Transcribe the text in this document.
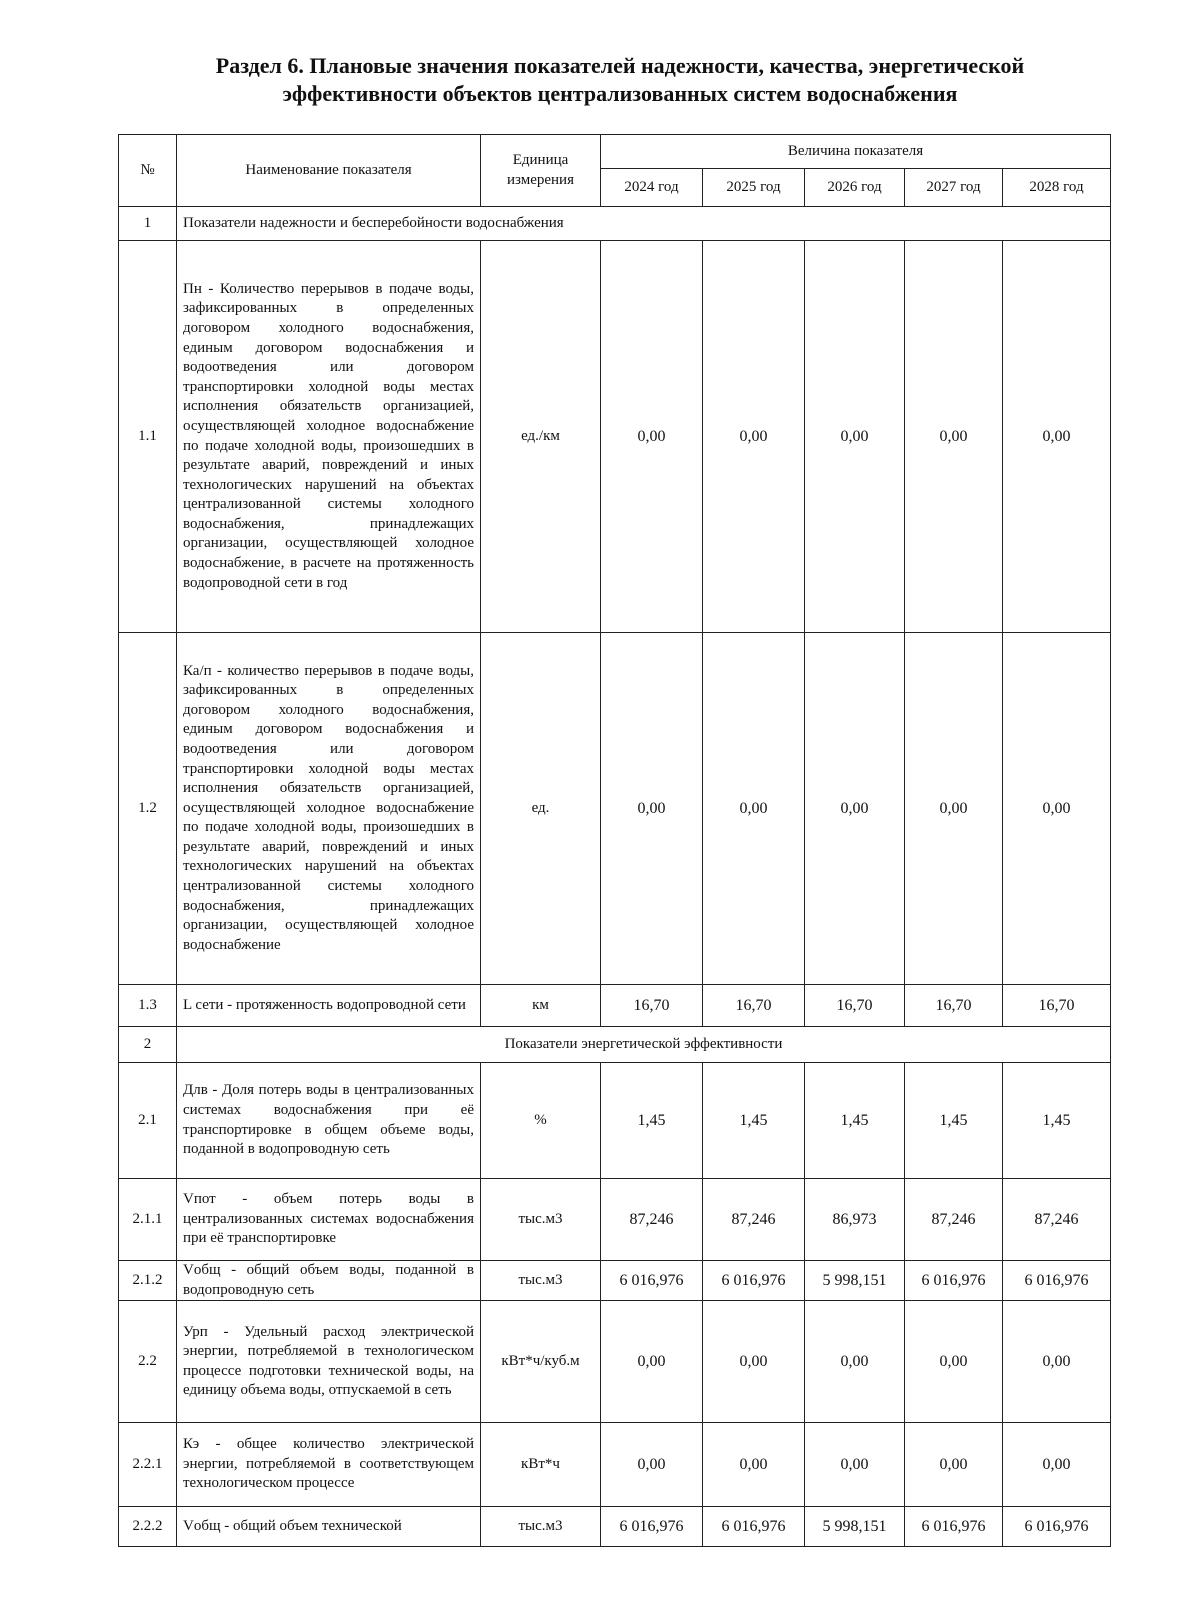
Раздел 6. Плановые значения показателей надежности, качества, энергетической
эффективности объектов централизованных систем водоснабжения
№	Наименование показателя	Единица измерения	Величина показателя				
			2024 год	2025 год	2026 год	2027 год	2028 год
1	Показатели надежности и бесперебойности водоснабжения						
1.1	Пн - Количество перерывов в подаче воды, зафиксированных в определенных договором холодного водоснабжения, единым договором водоснабжения и водоотведения или договором транспортировки холодной воды местах исполнения обязательств организацией, осуществляющей холодное водоснабжение по подаче холодной воды, произошедших в результате аварий, повреждений и иных технологических нарушений на объектах централизованной системы холодного водоснабжения, принадлежащих организации, осуществляющей холодное водоснабжение, в расчете на протяженность водопроводной сети в год	ед./км	0,00	0,00	0,00	0,00	0,00
1.2	Ка/п - количество перерывов в подаче воды, зафиксированных в определенных договором холодного водоснабжения, единым договором водоснабжения и водоотведения или договором транспортировки холодной воды местах исполнения обязательств организацией, осуществляющей холодное водоснабжение по подаче холодной воды, произошедших в результате аварий, повреждений и иных технологических нарушений на объектах централизованной системы холодного водоснабжения, принадлежащих организации, осуществляющей холодное водоснабжение	ед.	0,00	0,00	0,00	0,00	0,00
1.3	L сети - протяженность водопроводной сети	км	16,70	16,70	16,70	16,70	16,70
2	Показатели энергетической эффективности						
2.1	Длв - Доля потерь воды в централизованных системах водоснабжения при её транспортировке в общем объеме воды, поданной в водопроводную сеть	%	1,45	1,45	1,45	1,45	1,45
2.1.1	Vпот - объем потерь воды в централизованных системах водоснабжения при её транспортировке	тыс.м3	87,246	87,246	86,973	87,246	87,246
2.1.2	Vобщ - общий объем воды, поданной в водопроводную сеть	тыс.м3	6 016,976	6 016,976	5 998,151	6 016,976	6 016,976
2.2	Урп - Удельный расход электрической энергии, потребляемой в технологическом процессе подготовки технической воды, на единицу объема воды, отпускаемой в сеть	кВт*ч/куб.м	0,00	0,00	0,00	0,00	0,00
2.2.1	Кэ - общее количество электрической энергии, потребляемой в соответствующем технологическом процессе	кВт*ч	0,00	0,00	0,00	0,00	0,00
2.2.2	Vобщ - общий объем технической	тыс.м3	6 016,976	6 016,976	5 998,151	6 016,976	6 016,976
